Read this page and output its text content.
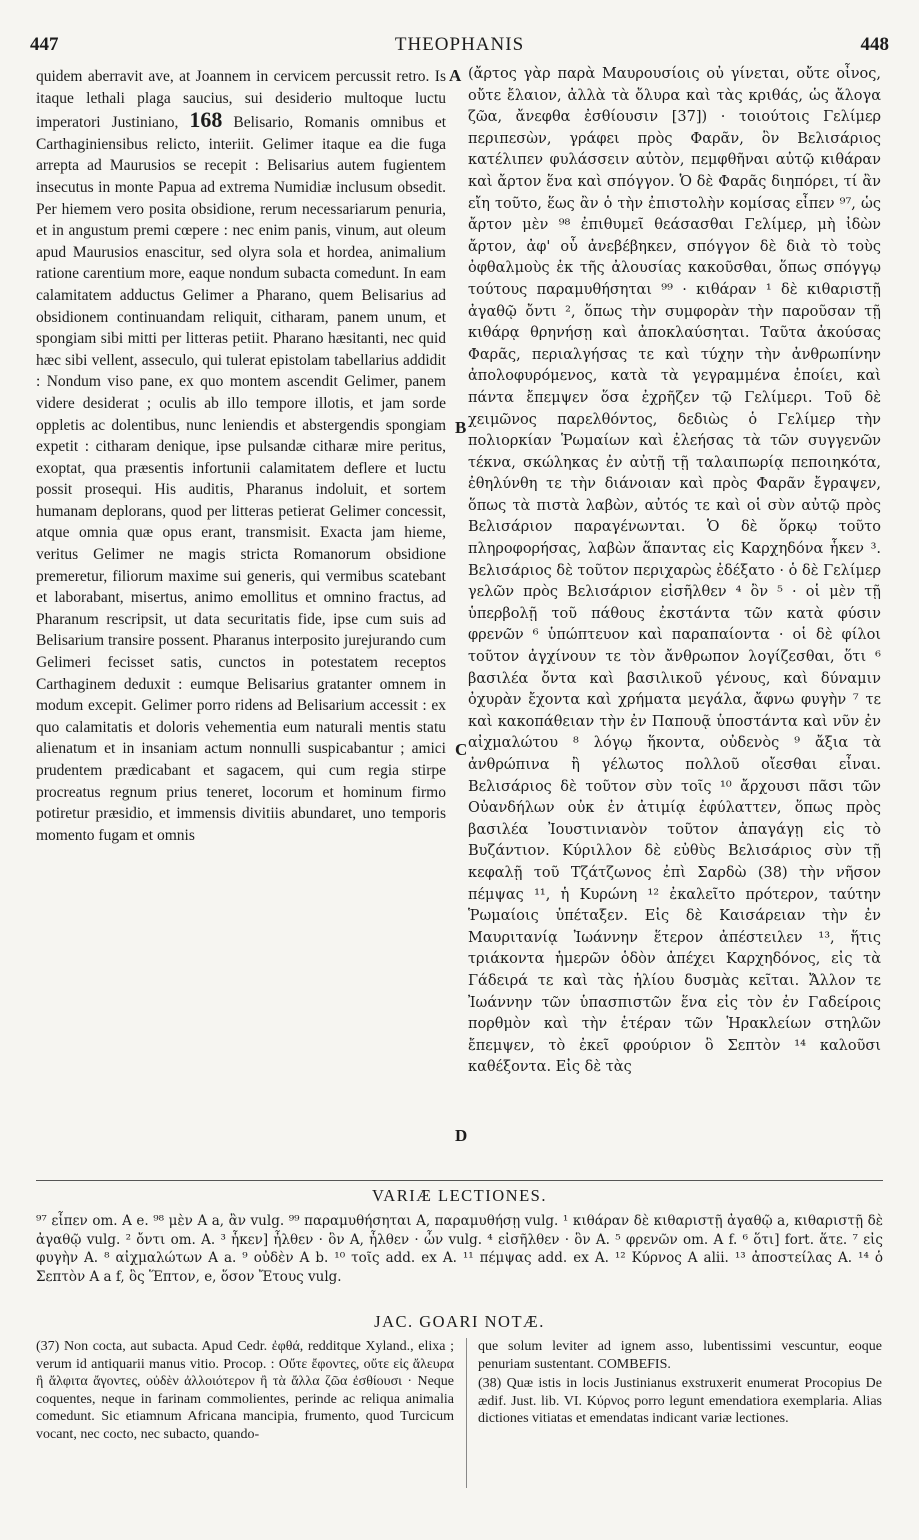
447	THEOPHANIS	448

quidem aberravit ave, at Joannem in cervicem percussit retro. Is itaque lethali plaga saucius, sui desiderio multoque luctu imperatori Justiniano, 168 Belisario, Romanis omnibus et Carthaginiensibus relicto, interiit. Gelimer itaque ea die fuga arrepta ad Maurusios se recepit : Belisarius autem fugientem insecutus in monte Papua ad extrema Numidiæ inclusum obsedit. Per hiemem vero posita obsidione, rerum necessariarum penuria, et in angustum premi cœpere : nec enim panis, vinum, aut oleum apud Maurusios enascitur, sed olyra sola et hordea, animalium ratione carentium more, eaque nondum subacta comedunt. In eam calamitatem adductus Gelimer a Pharano, quem Belisarius ad obsidionem continuandam reliquit, citharam, panem unum, et spongiam sibi mitti per litteras petiit. Pharano hæsitanti, nec quid hæc sibi vellent, asseculo, qui tulerat epistolam tabellarius addidit : Nondum viso pane, ex quo montem ascendit Gelimer, panem videre desiderat ; oculis ab illo tempore illotis, et jam sorde oppletis ac dolentibus, nunc leniendis et abstergendis spongiam expetit : citharam denique, ipse pulsandæ citharæ mire peritus, exoptat, qua præsentis infortunii calamitatem deflere et luctu possit prosequi. His auditis, Pharanus indoluit, et sortem humanam deplorans, quod per litteras petierat Gelimer concessit, atque omnia quæ opus erant, transmisit. Exacta jam hieme, veritus Gelimer ne magis stricta Romanorum obsidione premeretur, filiorum maxime sui generis, qui vermibus scatebant et laborabant, misertus, animo emollitus et omnino fractus, ad Pharanum rescripsit, ut data securitatis fide, ipse cum suis ad Belisarium transire possent. Pharanus interposito jurejurando cum Gelimeri fecisset satis, cunctos in potestatem receptos Carthaginem deduxit : eumque Belisarius gratanter omnem in modum excepit. Gelimer porro ridens ad Belisarium accessit : ex quo calamitatis et doloris vehementia eum naturali mentis statu alienatum et in insaniam actum nonnulli suspicabantur ; amici prudentem prædicabant et sagacem, qui cum regia stirpe procreatus regnum prius teneret, locorum et hominum firmo potiretur præsidio, et immensis divitiis abundaret, uno temporis momento fugam et omnis

A
B
C
D

(ἄρτος γὰρ παρὰ Μαυρουσίοις οὐ γίνεται, οὔτε οἶνος, οὔτε ἔλαιον, ἀλλὰ τὰ ὄλυρα καὶ τὰς κριθάς, ὡς ἄλογα ζῶα, ἄνεφθα ἐσθίουσιν [37]) · τοιούτοις Γελίμερ περιπεσὼν, γράφει πρὸς Φαρᾶν, ὃν Βελισάριος κατέλιπεν φυλάσσειν αὐτὸν, πεμφθῆναι αὐτῷ κιθάραν καὶ ἄρτον ἕνα καὶ σπόγγον. Ὁ δὲ Φαρᾶς διηπόρει, τί ἂν εἴη τοῦτο, ἕως ἂν ὁ τὴν ἐπιστολὴν κομίσας εἶπεν ⁹⁷, ὡς ἄρτον μὲν ⁹⁸ ἐπιθυμεῖ θεάσασθαι Γελίμερ, μὴ ἰδὼν ἄρτον, ἀφ' οὗ ἀνεβέβηκεν, σπόγγον δὲ διὰ τὸ τοὺς ὀφθαλμοὺς ἐκ τῆς ἀλουσίας κακοῦσθαι, ὅπως σπόγγῳ τούτους παραμυθήσηται ⁹⁹ · κιθάραν ¹ δὲ κιθαριστῇ ἀγαθῷ ὄντι ², ὅπως τὴν συμφορὰν τὴν παροῦσαν τῇ κιθάρᾳ θρηνήσῃ καὶ ἀποκλαύσηται. Ταῦτα ἀκούσας Φαρᾶς, περιαλγήσας τε καὶ τύχην τὴν ἀνθρωπίνην ἀπολοφυρόμενος, κατὰ τὰ γεγραμμένα ἐποίει, καὶ πάντα ἔπεμψεν ὅσα ἐχρῆζεν τῷ Γελίμερι. Τοῦ δὲ χειμῶνος παρελθόντος, δεδιὼς ὁ Γελίμερ τὴν πολιορκίαν Ῥωμαίων καὶ ἐλεήσας τὰ τῶν συγγενῶν τέκνα, σκώληκας ἐν αὐτῇ τῇ ταλαιπωρίᾳ πεποιηκότα, ἐθηλύνθη τε τὴν διάνοιαν καὶ πρὸς Φαρᾶν ἔγραψεν, ὅπως τὰ πιστὰ λαβὼν, αὐτός τε καὶ οἱ σὺν αὐτῷ πρὸς Βελισάριον παραγένωνται. Ὁ δὲ ὅρκῳ τοῦτο πληροφορήσας, λαβὼν ἅπαντας εἰς Καρχηδόνα ἧκεν ³. Βελισάριος δὲ τοῦτον περιχαρὼς ἐδέξατο · ὁ δὲ Γελίμερ γελῶν πρὸς Βελισάριον εἰσῆλθεν ⁴ ὂν ⁵ · οἱ μὲν τῇ ὑπερβολῇ τοῦ πάθους ἐκστάντα τῶν κατὰ φύσιν φρενῶν ⁶ ὑπώπτευον καὶ παραπαίοντα · οἱ δὲ φίλοι τοῦτον ἀγχίνουν τε τὸν ἄνθρωπον λογίζεσθαι, ὅτι ⁶ βασιλέα ὄντα καὶ βασιλικοῦ γένους, καὶ δύναμιν ὀχυρὰν ἔχοντα καὶ χρήματα μεγάλα, ἄφνω φυγὴν ⁷ τε καὶ κακοπάθειαν τὴν ἐν Παπουᾷ ὑποστάντα καὶ νῦν ἐν αἰχμαλώτου ⁸ λόγῳ ἥκοντα, οὐδενὸς ⁹ ἄξια τὰ ἀνθρώπινα ἢ γέλωτος πολλοῦ οἴεσθαι εἶναι. Βελισάριος δὲ τοῦτον σὺν τοῖς ¹⁰ ἄρχουσι πᾶσι τῶν Οὐανδήλων οὐκ ἐν ἀτιμίᾳ ἐφύλαττεν, ὅπως πρὸς βασιλέα Ἰουστινιανὸν τοῦτον ἀπαγάγῃ εἰς τὸ Βυζάντιον. Κύριλλον δὲ εὐθὺς Βελισάριος σὺν τῇ κεφαλῇ τοῦ Τζάτζωνος ἐπὶ Σαρδὼ (38) τὴν νῆσον πέμψας ¹¹, ἡ Κυρώνη ¹² ἐκαλεῖτο πρότερον, ταύτην Ῥωμαίοις ὑπέταξεν. Εἰς δὲ Καισάρειαν τὴν ἐν Μαυριτανίᾳ Ἰωάννην ἕτερον ἀπέστειλεν ¹³, ἥτις τριάκοντα ἡμερῶν ὁδὸν ἀπέχει Καρχηδόνος, εἰς τὰ Γάδειρά τε καὶ τὰς ἡλίου δυσμὰς κεῖται. Ἄλλον τε Ἰωάννην τῶν ὑπασπιστῶν ἕνα εἰς τὸν ἐν Γαδείροις πορθμὸν καὶ τὴν ἑτέραν τῶν Ἡρακλείων στηλῶν ἔπεμψεν, τὸ ἐκεῖ φρούριον ὃ Σεπτὸν ¹⁴ καλοῦσι καθέξοντα. Εἰς δὲ τὰς

VARIÆ LECTIONES.
⁹⁷ εἶπεν om. A e. ⁹⁸ μὲν A a, ἂν vulg. ⁹⁹ παραμυθήσηται A, παραμυθήσῃ vulg. ¹ κιθάραν δὲ κιθαριστῇ ἀγαθῷ a, κιθαριστῇ δὲ ἀγαθῷ vulg. ² ὄντι om. A. ³ ἧκεν] ἦλθεν · ὃν A, ἦλθεν · ὧν vulg. ⁴ εἰσῆλθεν · ὃν A. ⁵ φρενῶν om. A f. ⁶ ὅτι] fort. ἅτε. ⁷ εἰς φυγὴν A. ⁸ αἰχμαλώτων A a. ⁹ οὐδὲν A b. ¹⁰ τοῖς add. ex A. ¹¹ πέμψας add. ex A. ¹² Κύρνος A alii. ¹³ ἀποστείλας A. ¹⁴ ὁ Σεπτὸν A a f, ὃς Ἕπτον, e, ὅσον Ἔτους vulg.
JAC. GOARI NOTÆ.

(37) Non cocta, aut subacta. Apud Cedr. ἐφθά, redditque Xyland., elixa ; verum id antiquarii manus vitio. Procop. : Οὔτε ἔφοντες, οὔτε εἰς ἄλευρα ἢ ἄλφιτα ἄγοντες, οὐδὲν ἀλλοιότερον ἢ τὰ ἄλλα ζῶα ἐσθίουσι · Neque coquentes, neque in farinam commolientes, perinde ac reliqua animalia comedunt. Sic etiamnum Africana mancipia, frumento, quod Turcicum vocant, nec cocto, nec subacto, quando-

que solum leviter ad ignem asso, lubentissimi vescuntur, eoque penuriam sustentant. COMBEFIS.

(38) Quæ istis in locis Justinianus exstruxerit enumerat Procopius De ædif. Just. lib. VI. Κύρνος porro legunt emendatiora exemplaria. Alias dictiones vitiatas et emendatas indicant variæ lectiones.
